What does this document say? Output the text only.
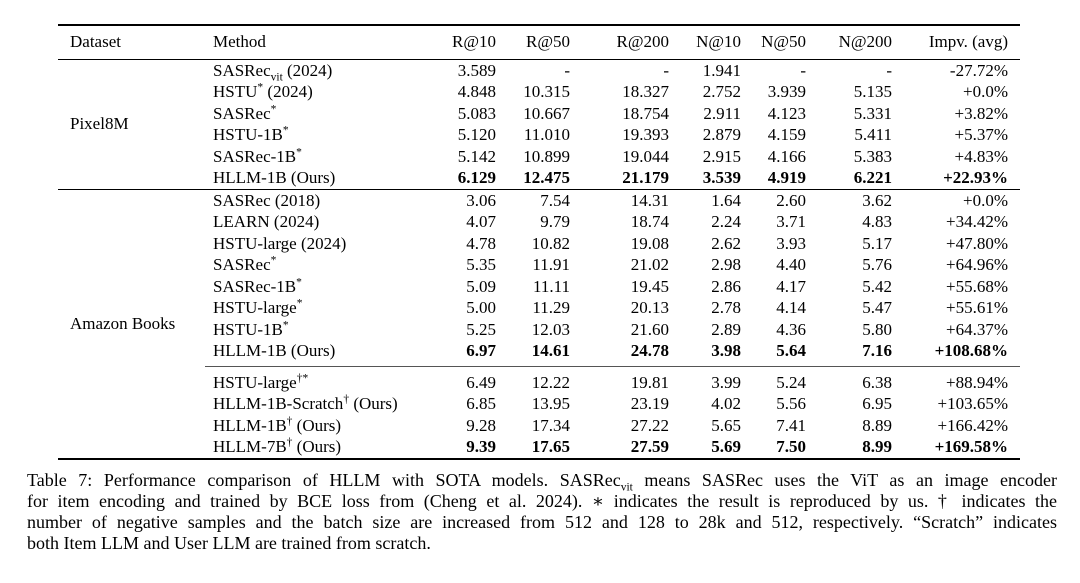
Dataset	Method	R@10	R@50	R@200	N@10	N@50	N@200	Impv. (avg)
Pixel8M	SASRec$_{vit}$ (2024)	3.589	-	-	1.941	-	-	-27.72%
	HSTU* (2024)	4.848	10.315	18.327	2.752	3.939	5.135	+0.0%
	SASRec*	5.083	10.667	18.754	2.911	4.123	5.331	+3.82%
	HSTU-1B*	5.120	11.010	19.393	2.879	4.159	5.411	+5.37%
	SASRec-1B*	5.142	10.899	19.044	2.915	4.166	5.383	+4.83%
	HLLM-1B (Ours)	6.129	12.475	21.179	3.539	4.919	6.221	+22.93%
Amazon Books	SASRec (2018)	3.06	7.54	14.31	1.64	2.60	3.62	+0.0%
	LEARN (2024)	4.07	9.79	18.74	2.24	3.71	4.83	+34.42%
	HSTU-large (2024)	4.78	10.82	19.08	2.62	3.93	5.17	+47.80%
	SASRec*	5.35	11.91	21.02	2.98	4.40	5.76	+64.96%
	SASRec-1B*	5.09	11.11	19.45	2.86	4.17	5.42	+55.68%
	HSTU-large*	5.00	11.29	20.13	2.78	4.14	5.47	+55.61%
	HSTU-1B*	5.25	12.03	21.60	2.89	4.36	5.80	+64.37%
	HLLM-1B (Ours)	6.97	14.61	24.78	3.98	5.64	7.16	+108.68%
	HSTU-large†*	6.49	12.22	19.81	3.99	5.24	6.38	+88.94%
	HLLM-1B-Scratch† (Ours)	6.85	13.95	23.19	4.02	5.56	6.95	+103.65%
	HLLM-1B† (Ours)	9.28	17.34	27.22	5.65	7.41	8.89	+166.42%
	HLLM-7B† (Ours)	9.39	17.65	27.59	5.69	7.50	8.99	+169.58%
Table 7: Performance comparison of HLLM with SOTA models. SASRec$_{vit}$ means SASRec uses the ViT as an image encoder
for item encoding and trained by BCE loss from (Cheng et al. 2024). ∗ indicates the result is reproduced by us. † indicates the
number of negative samples and the batch size are increased from 512 and 128 to 28k and 512, respectively. “Scratch” indicates
both Item LLM and User LLM are trained from scratch.
